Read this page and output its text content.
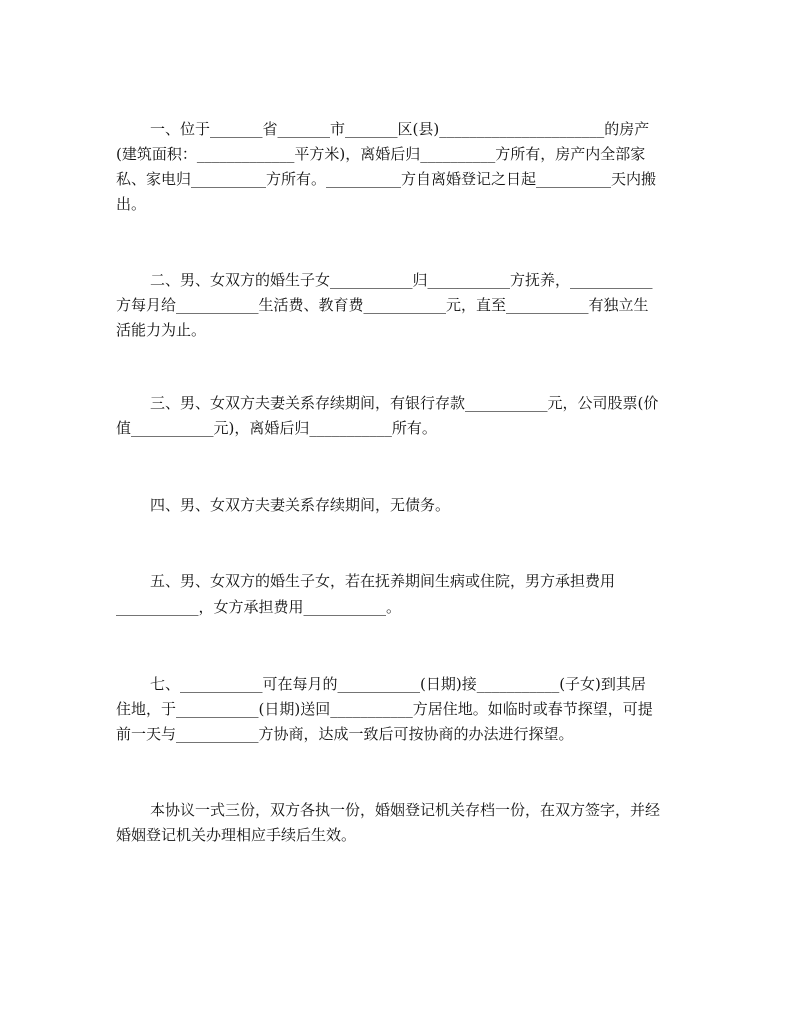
一、位于_______省_______市_______区(县)______________________的房产
(建筑面积：_____________平方米)，离婚后归__________方所有，房产内全部家
私、家电归__________方所有。__________方自离婚登记之日起__________天内搬
出。
二、男、女双方的婚生子女___________归___________方抚养，___________
方每月给___________生活费、教育费___________元，直至___________有独立生
活能力为止。
三、男、女双方夫妻关系存续期间，有银行存款___________元，公司股票(价
值___________元)，离婚后归___________所有。
四、男、女双方夫妻关系存续期间，无债务。
五、男、女双方的婚生子女，若在抚养期间生病或住院，男方承担费用
___________，女方承担费用___________。
七、___________可在每月的___________(日期)接___________(子女)到其居
住地，于___________(日期)送回___________方居住地。如临时或春节探望，可提
前一天与___________方协商，达成一致后可按协商的办法进行探望。
本协议一式三份，双方各执一份，婚姻登记机关存档一份，在双方签字，并经
婚姻登记机关办理相应手续后生效。
